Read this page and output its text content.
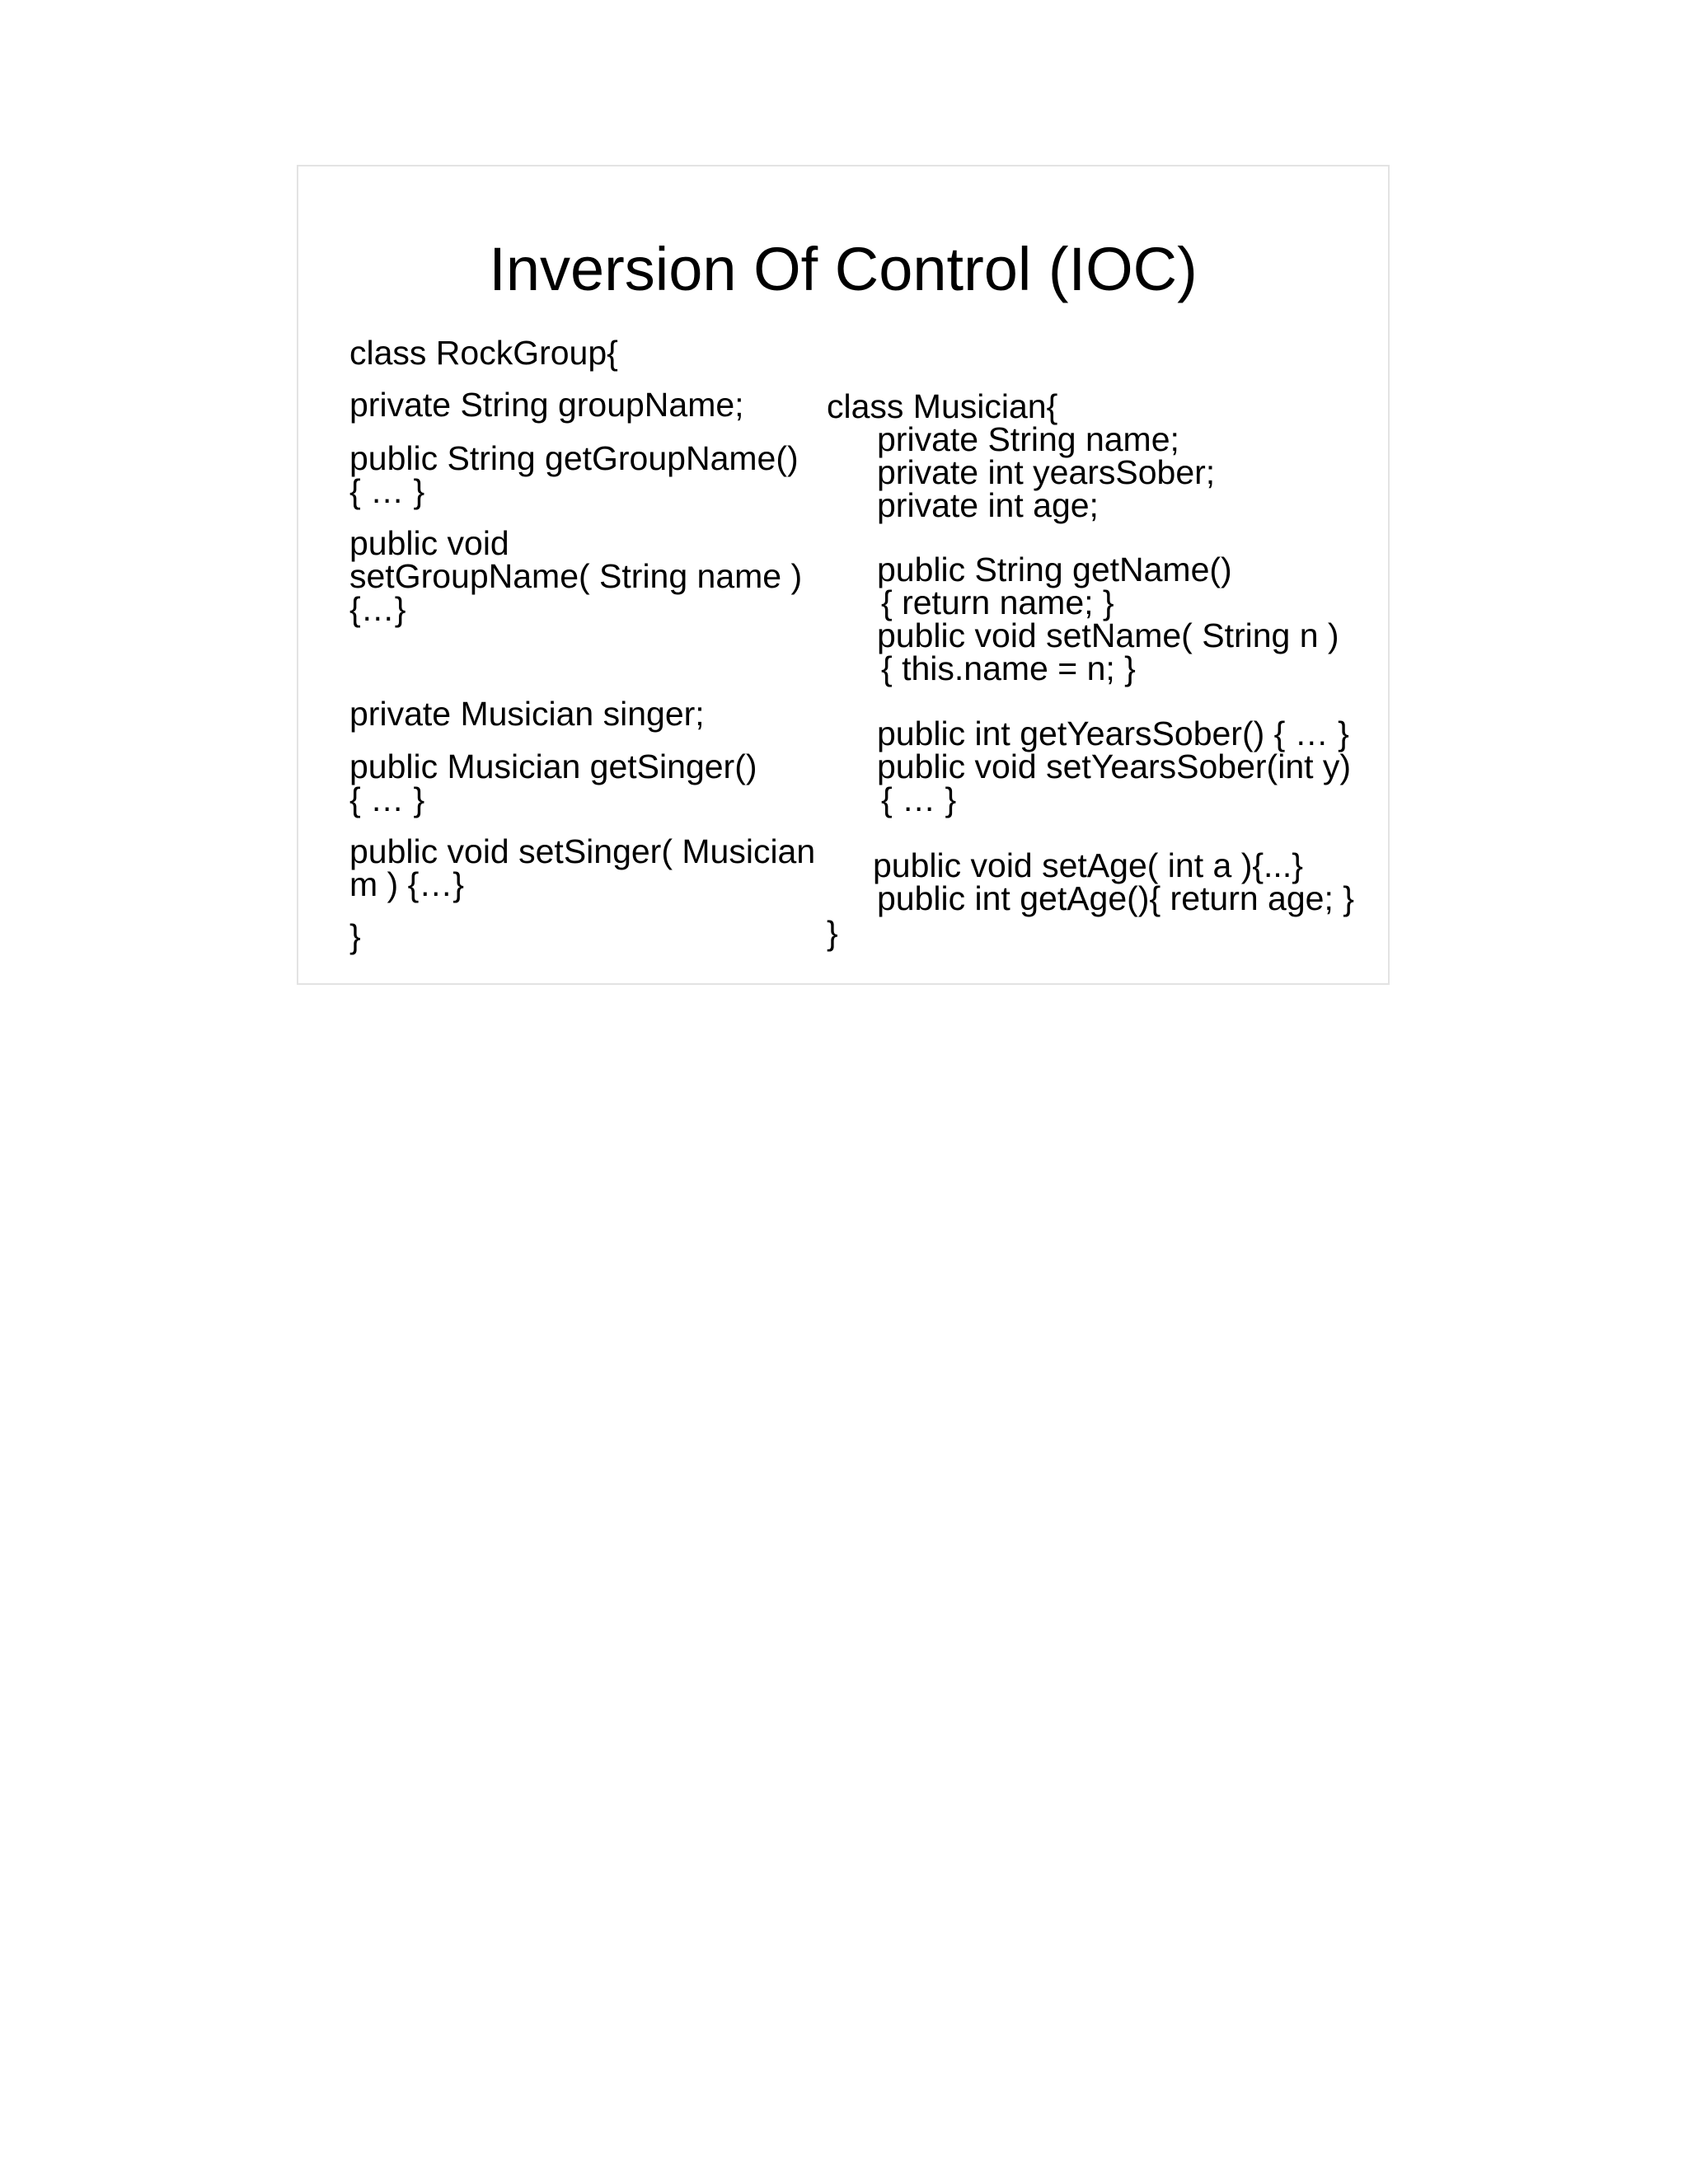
Inversion Of Control (IOC)
class RockGroup{
private String groupName;
public String getGroupName()
{ … }
public void
setGroupName( String name )
{…}
private Musician singer;
public Musician getSinger()
{ … }
public void setSinger( Musician
m ) {…}
}
class Musician{
private String name;
private int yearsSober;
private int age;
public String getName()
{ return name; }
public void setName( String n )
{ this.name = n; }
public int getYearsSober() { … }
public void setYearsSober(int y)
{ … }
public void setAge( int a ){...}
public int getAge(){ return age; }
}
